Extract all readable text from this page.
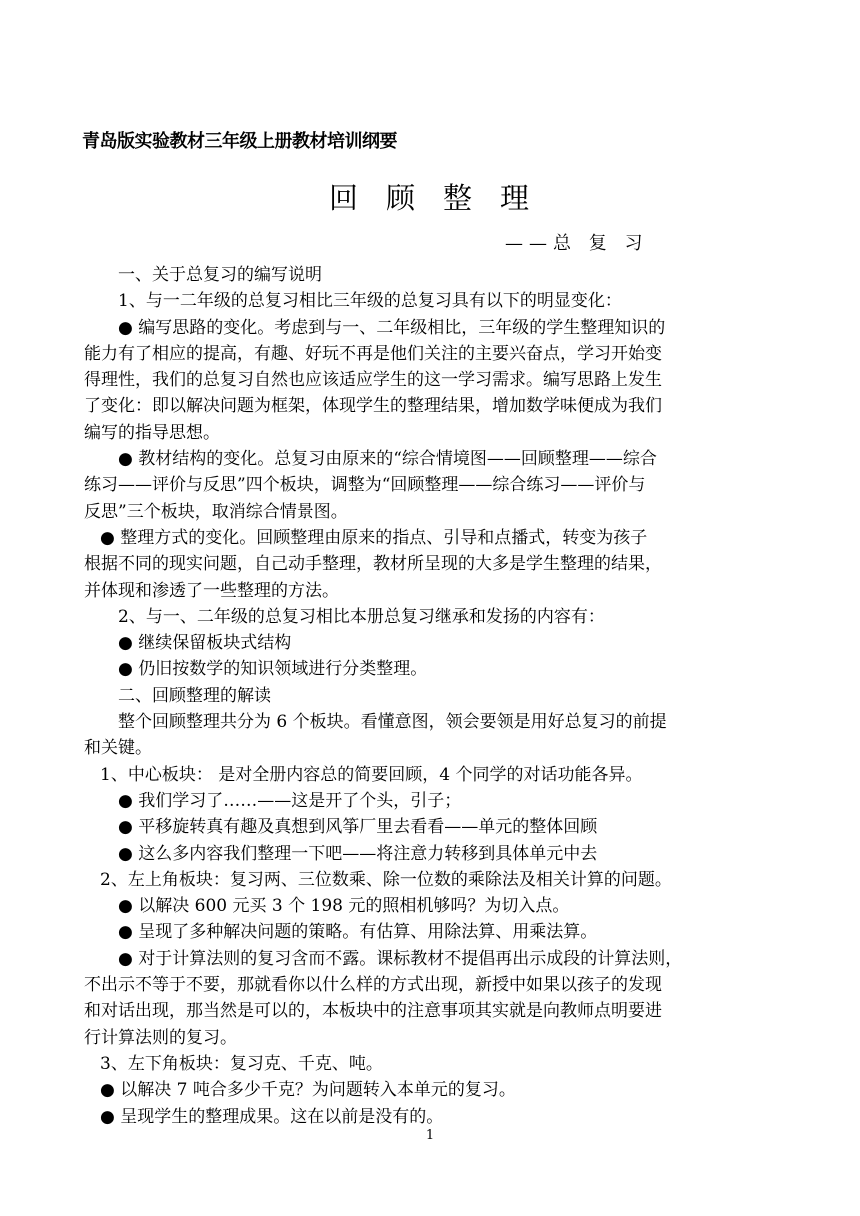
青岛版实验教材三年级上册教材培训纲要
回顾整理
——总 复 习
一、关于总复习的编写说明
1、与一二年级的总复习相比三年级的总复习具有以下的明显变化：
● 编写思路的变化。考虑到与一、二年级相比，三年级的学生整理知识的
能力有了相应的提高，有趣、好玩不再是他们关注的主要兴奋点，学习开始变
得理性，我们的总复习自然也应该适应学生的这一学习需求。编写思路上发生
了变化：即以解决问题为框架，体现学生的整理结果，增加数学味便成为我们
编写的指导思想。
● 教材结构的变化。总复习由原来的“综合情境图——回顾整理——综合
练习——评价与反思”四个板块，调整为“回顾整理——综合练习——评价与
反思”三个板块，取消综合情景图。
● 整理方式的变化。回顾整理由原来的指点、引导和点播式，转变为孩子
根据不同的现实问题，自己动手整理，教材所呈现的大多是学生整理的结果，
并体现和渗透了一些整理的方法。
2、与一、二年级的总复习相比本册总复习继承和发扬的内容有：
● 继续保留板块式结构
● 仍旧按数学的知识领域进行分类整理。
二、回顾整理的解读
整个回顾整理共分为 6 个板块。看懂意图，领会要领是用好总复习的前提
和关键。
1、中心板块： 是对全册内容总的简要回顾，4 个同学的对话功能各异。
● 我们学习了……——这是开了个头，引子；
● 平移旋转真有趣及真想到风筝厂里去看看——单元的整体回顾
● 这么多内容我们整理一下吧——将注意力转移到具体单元中去
2、左上角板块：复习两、三位数乘、除一位数的乘除法及相关计算的问题。
● 以解决 600 元买 3 个 198 元的照相机够吗？为切入点。
● 呈现了多种解决问题的策略。有估算、用除法算、用乘法算。
● 对于计算法则的复习含而不露。课标教材不提倡再出示成段的计算法则，
不出示不等于不要，那就看你以什么样的方式出现，新授中如果以孩子的发现
和对话出现，那当然是可以的，本板块中的注意事项其实就是向教师点明要进
行计算法则的复习。
3、左下角板块：复习克、千克、吨。
● 以解决 7 吨合多少千克？为问题转入本单元的复习。
● 呈现学生的整理成果。这在以前是没有的。
1
